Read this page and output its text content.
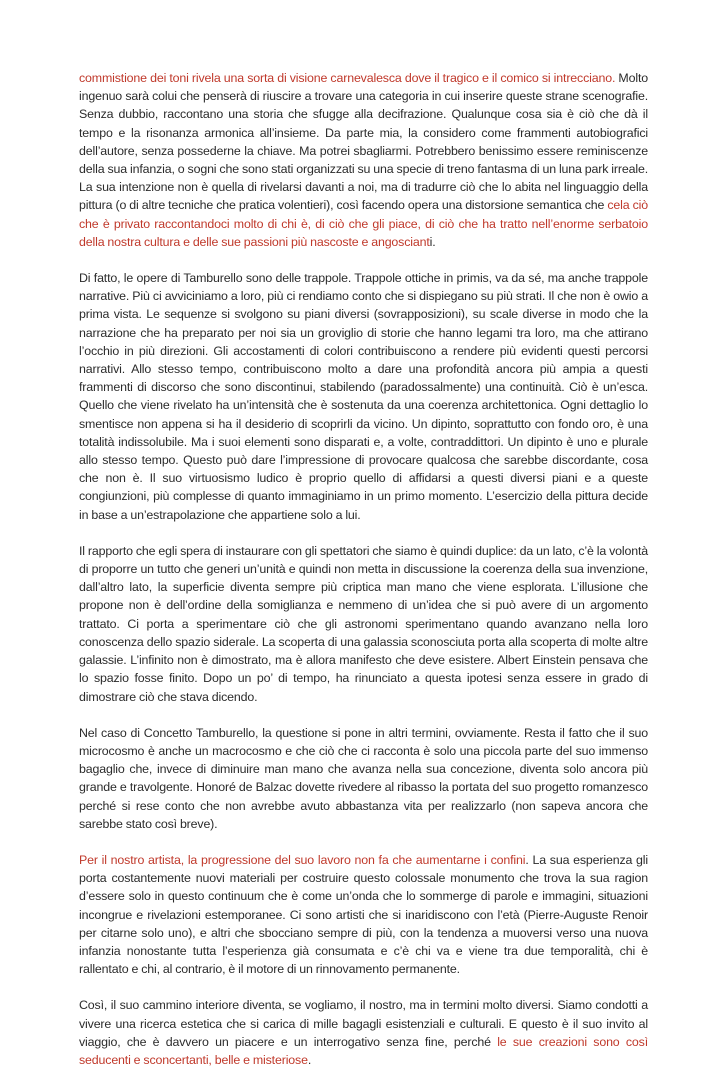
commistione dei toni rivela una sorta di visione carnevalesca dove il tragico e il comico si intrecciano. Molto ingenuo sarà colui che penserà di riuscire a trovare una categoria in cui inserire queste strane scenografie. Senza dubbio, raccontano una storia che sfugge alla decifrazione. Qualunque cosa sia è ciò che dà il tempo e la risonanza armonica all’insieme. Da parte mia, la considero come frammenti autobiografici dell’autore, senza possederne la chiave. Ma potrei sbagliarmi. Potrebbero benissimo essere reminiscenze della sua infanzia, o sogni che sono stati organizzati su una specie di treno fantasma di un luna park irreale. La sua intenzione non è quella di rivelarsi davanti a noi, ma di tradurre ciò che lo abita nel linguaggio della pittura (o di altre tecniche che pratica volentieri), così facendo opera una distorsione semantica che cela ciò che è privato raccontandoci molto di chi è, di ciò che gli piace, di ciò che ha tratto nell’enorme serbatoio della nostra cultura e delle sue passioni più nascoste e angoscianti.

Di fatto, le opere di Tamburello sono delle trappole. Trappole ottiche in primis, va da sé, ma anche trappole narrative. Più ci avviciniamo a loro, più ci rendiamo conto che si dispiegano su più strati. Il che non è owio a prima vista. Le sequenze si svolgono su piani diversi (sovrapposizioni), su scale diverse in modo che la narrazione che ha preparato per noi sia un groviglio di storie che hanno legami tra loro, ma che attirano l’occhio in più direzioni. Gli accostamenti di colori contribuiscono a rendere più evidenti questi percorsi narrativi. Allo stesso tempo, contribuiscono molto a dare una profondità ancora più ampia a questi frammenti di discorso che sono discontinui, stabilendo (paradossalmente) una continuità. Ciò è un’esca. Quello che viene rivelato ha un’intensità che è sostenuta da una coerenza architettonica. Ogni dettaglio lo smentisce non appena si ha il desiderio di scoprirli da vicino. Un dipinto, soprattutto con fondo oro, è una totalità indissolubile. Ma i suoi elementi sono disparati e, a volte, contraddittori. Un dipinto è uno e plurale allo stesso tempo. Questo può dare l’impressione di provocare qualcosa che sarebbe discordante, cosa che non è. Il suo virtuosismo ludico è proprio quello di affidarsi a questi diversi piani e a queste congiunzioni, più complesse di quanto immaginiamo in un primo momento. L’esercizio della pittura decide in base a un’estrapolazione che appartiene solo a lui.

Il rapporto che egli spera di instaurare con gli spettatori che siamo è quindi duplice: da un lato, c’è la volontà di proporre un tutto che generi un’unità e quindi non metta in discussione la coerenza della sua invenzione, dall’altro lato, la superficie diventa sempre più criptica man mano che viene esplorata. L’illusione che propone non è dell’ordine della somiglianza e nemmeno di un’idea che si può avere di un argomento trattato. Ci porta a sperimentare ciò che gli astronomi sperimentano quando avanzano nella loro conoscenza dello spazio siderale. La scoperta di una galassia sconosciuta porta alla scoperta di molte altre galassie. L’infinito non è dimostrato, ma è allora manifesto che deve esistere. Albert Einstein pensava che lo spazio fosse finito. Dopo un po’ di tempo, ha rinunciato a questa ipotesi senza essere in grado di dimostrare ciò che stava dicendo.

Nel caso di Concetto Tamburello, la questione si pone in altri termini, ovviamente. Resta il fatto che il suo microcosmo è anche un macrocosmo e che ciò che ci racconta è solo una piccola parte del suo immenso bagaglio che, invece di diminuire man mano che avanza nella sua concezione, diventa solo ancora più grande e travolgente. Honoré de Balzac dovette rivedere al ribasso la portata del suo progetto romanzesco perché si rese conto che non avrebbe avuto abbastanza vita per realizzarlo (non sapeva ancora che sarebbe stato così breve).

Per il nostro artista, la progressione del suo lavoro non fa che aumentarne i confini. La sua esperienza gli porta costantemente nuovi materiali per costruire questo colossale monumento che trova la sua ragion d’essere solo in questo continuum che è come un’onda che lo sommerge di parole e immagini, situazioni incongrue e rivelazioni estemporanee. Ci sono artisti che si inaridiscono con l’età (Pierre-Auguste Renoir per citarne solo uno), e altri che sbocciano sempre di più, con la tendenza a muoversi verso una nuova infanzia nonostante tutta l’esperienza già consumata e c’è chi va e viene tra due temporalità, chi è rallentato e chi, al contrario, è il motore di un rinnovamento permanente.

Così, il suo cammino interiore diventa, se vogliamo, il nostro, ma in termini molto diversi. Siamo condotti a vivere una ricerca estetica che si carica di mille bagagli esistenziali e culturali. E questo è il suo invito al viaggio, che è davvero un piacere e un interrogativo senza fine, perché le sue creazioni sono così seducenti e sconcertanti, belle e misteriose.
